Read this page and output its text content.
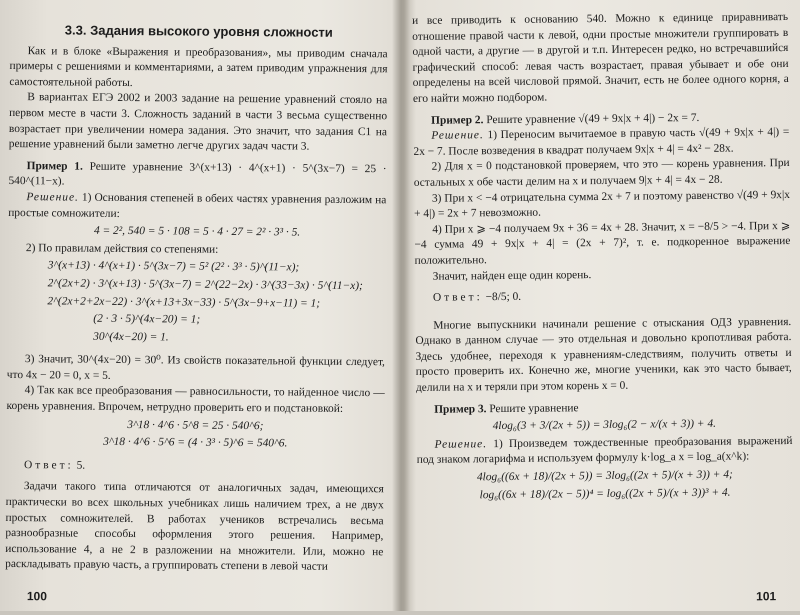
3.3. Задания высокого уровня сложности

Как и в блоке «Выражения и преобразования», мы приводим сначала примеры с решениями и комментариями, а затем приводим упражнения для самостоятельной работы.

В вариантах ЕГЭ 2002 и 2003 задание на решение уравнений стояло на первом месте в части 3. Сложность заданий в части 3 весьма существенно возрастает при увеличении номера задания. Это значит, что задания С1 на решение уравнений были заметно легче других задач части 3.

Пример 1. Решите уравнение 3^(x+13) · 4^(x+1) · 5^(3x−7) = 25 · 540^(11−x).

Решение. 1) Основания степеней в обеих частях уравнения разложим на простые сомножители:

4 = 2², 540 = 5 · 108 = 5 · 4 · 27 = 2² · 3³ · 5.

2) По правилам действия со степенями:

3^(x+13) · 4^(x+1) · 5^(3x−7) = 5² (2² · 3³ · 5)^(11−x);
2^(2x+2) · 3^(x+13) · 5^(3x−7) = 2^(22−2x) · 3^(33−3x) · 5^(11−x);
2^(2x+2+2x−22) · 3^(x+13+3x−33) · 5^(3x−9+x−11) = 1;
(2 · 3 · 5)^(4x−20) = 1;
30^(4x−20) = 1.

3) Значит, 30^(4x−20) = 30⁰. Из свойств показательной функции следует, что 4x − 20 = 0, x = 5.

4) Так как все преобразования — равносильности, то найденное число — корень уравнения. Впрочем, нетрудно проверить его и подстановкой:

3^18 · 4^6 · 5^8 = 25 · 540^6;
3^18 · 4^6 · 5^6 = (4 · 3³ · 5)^6 = 540^6.

Ответ: 5.

Задачи такого типа отличаются от аналогичных задач, имеющихся практически во всех школьных учебниках лишь наличием трех, а не двух простых сомножителей. В работах учеников встречались весьма разнообразные способы оформления этого решения. Например, использование 4, а не 2 в разложении на множители. Или, можно не раскладывать правую часть, а группировать степени в левой части

100

и все приводить к основанию 540. Можно к единице приравнивать отношение правой части к левой, одни простые множители группировать в одной части, а другие — в другой и т.п. Интересен редко, но встречавшийся графический способ: левая часть возрастает, правая убывает и обе они определены на всей числовой прямой. Значит, есть не более одного корня, а его найти можно подбором.

Пример 2. Решите уравнение √(49 + 9x|x + 4|) − 2x = 7.

Решение. 1) Переносим вычитаемое в правую часть √(49 + 9x|x + 4|) = 2x − 7. После возведения в квадрат получаем 9x|x + 4| = 4x² − 28x.

2) Для x = 0 подстановкой проверяем, что это — корень уравнения. При остальных x обе части делим на x и получаем 9|x + 4| = 4x − 28.

3) При x < −4 отрицательна сумма 2x + 7 и поэтому равенство √(49 + 9x|x + 4|) = 2x + 7 невозможно.

4) При x ⩾ −4 получаем 9x + 36 = 4x + 28. Значит, x = −8/5 > −4. При x ⩾ −4 сумма 49 + 9x|x + 4| = (2x + 7)², т. е. подкоренное выражение положительно.

Значит, найден еще один корень.

Ответ: −8/5; 0.

Многие выпускники начинали решение с отыскания ОДЗ уравнения. Однако в данном случае — это отдельная и довольно кропотливая работа. Здесь удобнее, переходя к уравнениям-следствиям, получить ответы и просто проверить их. Конечно же, многие ученики, как это часто бывает, делили на x и теряли при этом корень x = 0.

Пример 3. Решите уравнение

4log₆(3 + 3/(2x + 5)) = 3log₆(2 − x/(x + 3)) + 4.

Решение. 1) Произведем тождественные преобразования выражений под знаком логарифма и используем формулу k·log_a x = log_a(x^k):

4log₆((6x + 18)/(2x + 5)) = 3log₆((2x + 5)/(x + 3)) + 4;
log₆((6x + 18)/(2x − 5))⁴ = log₆((2x + 5)/(x + 3))³ + 4.
101
